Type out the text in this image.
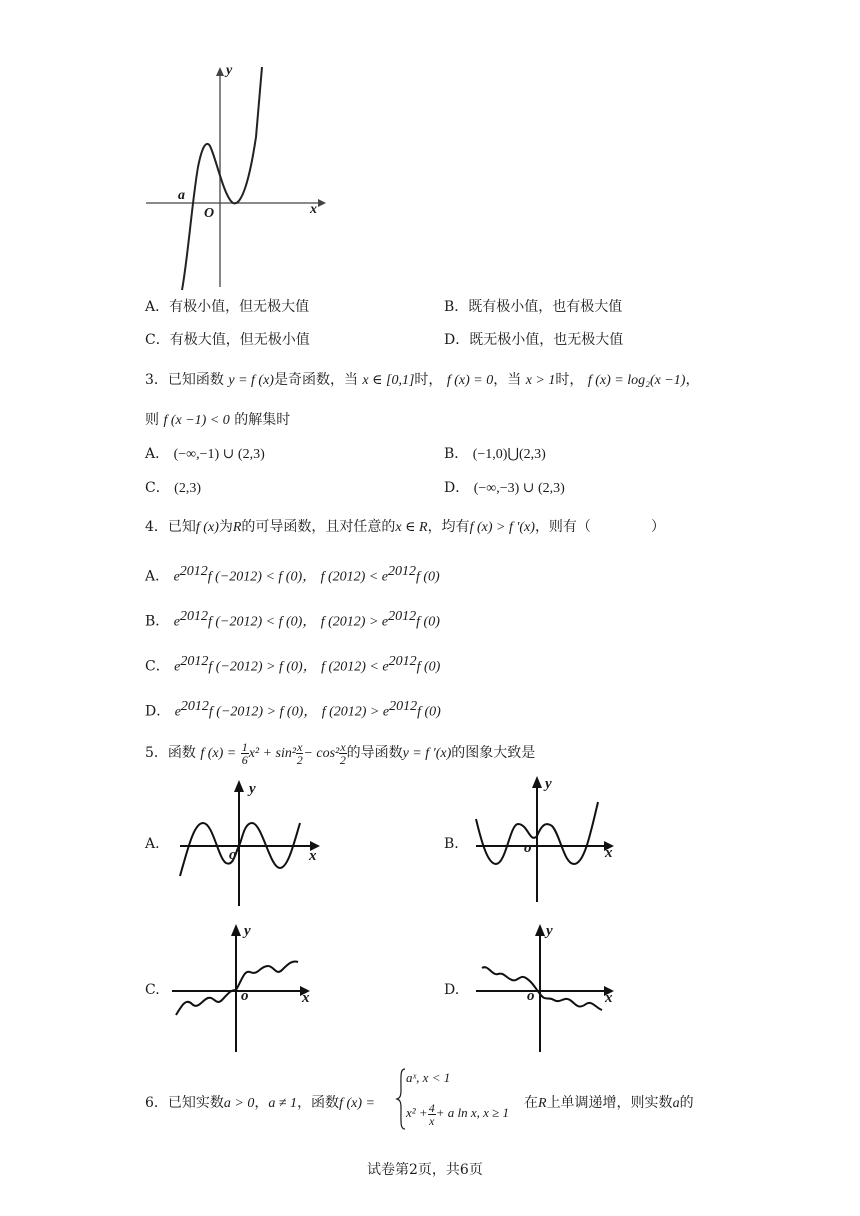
y
x
O
a
A．有极小值，但无极大值	B．既有极小值，也有极大值
C．有极大值，但无极小值	D．既无极小值，也无极大值
3．已知函数 y = f (x)是奇函数，当 x ∈ [0,1]时， f (x) = 0，当 x > 1时， f (x) = log₂(x −1)，
则 f (x −1) < 0 的解集时
A． (−∞,−1) ∪ (2,3)	B． (−1,0)⋃(2,3)
C． (2,3)	D． (−∞,−3) ∪ (2,3)
4．已知f (x)为R的可导函数，且对任意的x ∈ R，均有f (x) > f ′(x)，则有（	）
A． $e^{2012}f$ (−2012) < f (0)， f $(2012) < e^{2012}f$ (0)
B． $e^{2012}f$ (−2012) < f (0)， f $(2012) > e^{2012}f$ (0)
C． $e^{2012}f$ (−2012) > f (0)， f $(2012) < e^{2012}f$ (0)
D． $e^{2012}f$ (−2012) > f (0)， f $(2012) > e^{2012}f$ (0)
5．函数 f $(x) = \frac{1}{6} x^2 + \sin^2 \frac{x}{2} - \cos^2 \frac{x}{2}$ 的导函数y = f ′(x)的图象大致是
A.
y
x
o
B.
y
x
o
C.
y
x
o	D.
y
x
o
6．已知实数a > 0，a ≠ 1，函数f (x) =
aˣ, x < 1
$x^2 + \frac{4}{x} + a$ ln x, x ≥ 1
在R上单调递增，则实数a的
试卷第2页，共6页
